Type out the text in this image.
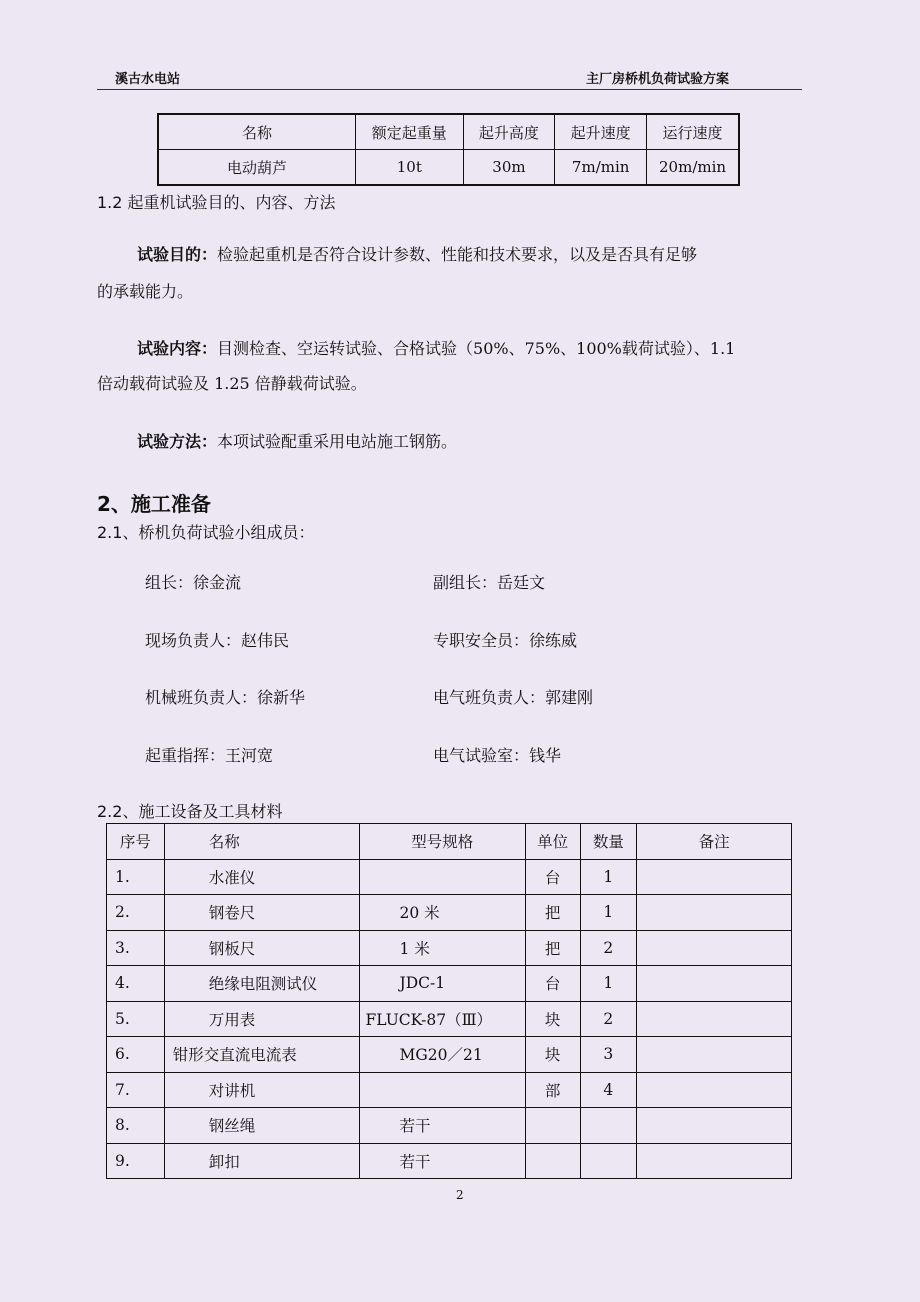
溪古水电站	主厂房桥机负荷试验方案
名称	额定起重量	起升高度	起升速度	运行速度
电动葫芦	10t	30m	7m/min	20m/min
1.2 起重机试验目的、内容、方法
试验目的：检验起重机是否符合设计参数、性能和技术要求，以及是否具有足够
的承载能力。
试验内容：目测检查、空运转试验、合格试验（50%、75%、100%载荷试验）、1.1
倍动载荷试验及 1.25 倍静载荷试验。
试验方法：本项试验配重采用电站施工钢筋。
2、施工准备
2.1、桥机负荷试验小组成员：
组长：徐金流	副组长：岳廷文
现场负责人：赵伟民	专职安全员：徐练威
机械班负责人：徐新华	电气班负责人：郭建刚
起重指挥：王河宽	电气试验室：钱华
2.2、施工设备及工具材料
序号	名称	型号规格	单位	数量	备注
1.	水准仪		台	1	
2.	钢卷尺	20 米	把	1	
3.	钢板尺	1 米	把	2	
4.	绝缘电阻测试仪	JDC-1	台	1	
5.	万用表	FLUCK-87（Ⅲ）	块	2	
6.	钳形交直流电流表	MG20／21	块	3	
7.	对讲机		部	4	
8.	钢丝绳	若干			
9.	卸扣	若干			
2
